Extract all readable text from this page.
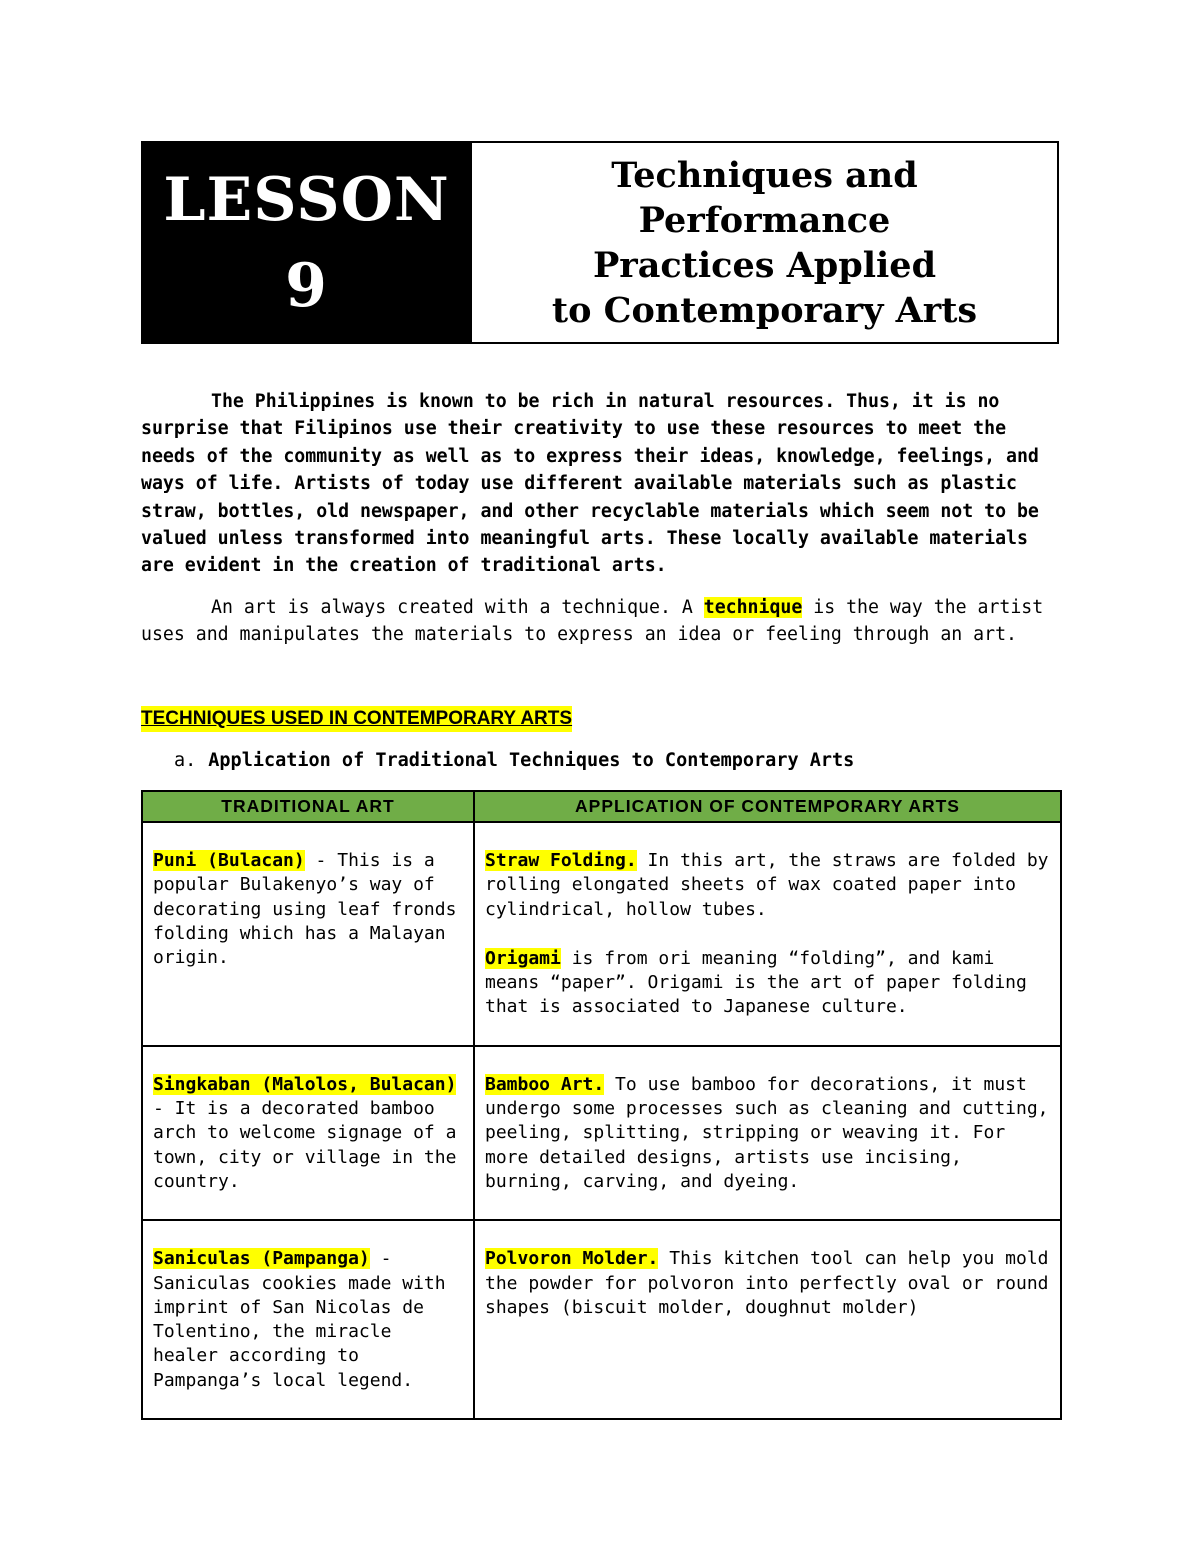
LESSON
9
Techniques and
Performance
Practices Applied
to Contemporary Arts

The Philippines is known to be rich in natural resources. Thus, it is no surprise that Filipinos use their creativity to use these resources to meet the needs of the community as well as to express their ideas, knowledge, feelings, and ways of life. Artists of today use different available materials such as plastic straw, bottles, old newspaper, and other recyclable materials which seem not to be valued unless transformed into meaningful arts. These locally available materials are evident in the creation of traditional arts.

An art is always created with a technique. A technique is the way the artist uses and manipulates the materials to express an idea or feeling through an art.

TECHNIQUES USED IN CONTEMPORARY ARTS
a. Application of Traditional Techniques to Contemporary Arts
TRADITIONAL ART	APPLICATION OF CONTEMPORARY ARTS

Puni (Bulacan) - This is a popular Bulakenyo’s way of decorating using leaf fronds folding which has a Malayan origin.	Straw Folding. In this art, the straws are folded by rolling elongated sheets of wax coated paper into cylindrical, hollow tubes.

Origami is from ori meaning “folding”, and kami means “paper”. Origami is the art of paper folding that is associated to Japanese culture.

Singkaban (Malolos, Bulacan) - It is a decorated bamboo arch to welcome signage of a town, city or village in the country.	Bamboo Art. To use bamboo for decorations, it must undergo some processes such as cleaning and cutting, peeling, splitting, stripping or weaving it. For more detailed designs, artists use incising, burning, carving, and dyeing.

Saniculas (Pampanga) - Saniculas cookies made with imprint of San Nicolas de Tolentino, the miracle healer according to Pampanga’s local legend.	Polvoron Molder. This kitchen tool can help you mold the powder for polvoron into perfectly oval or round shapes (biscuit molder, doughnut molder)
